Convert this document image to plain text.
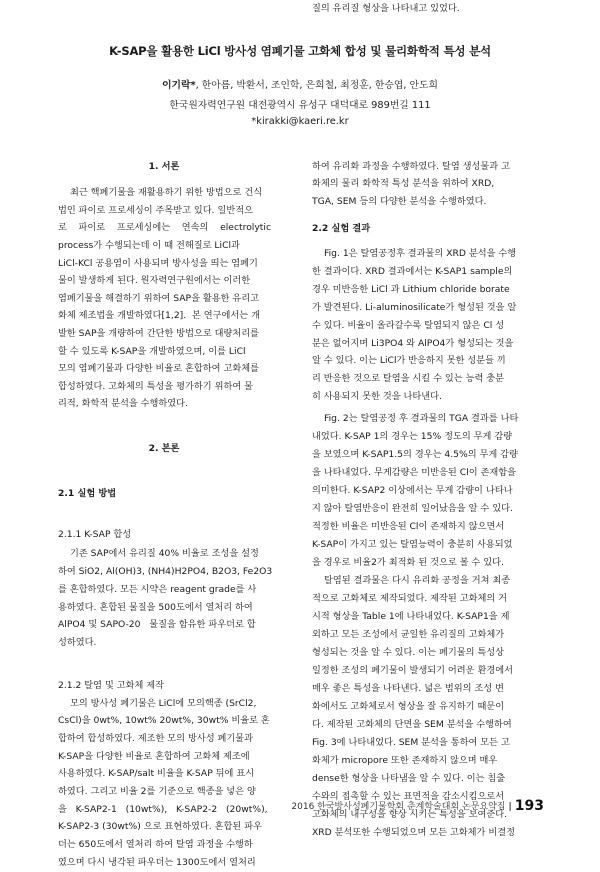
K-SAP을 활용한 LiCl 방사성 염폐기물 고화체 합성 및 물리화학적 특성 분석
이기락*, 한아름, 박환서, 조인학, 은희철, 최정훈, 한승엽, 안도희
한국원자력연구원 대전광역시 유성구 대덕대로 989번길 111
*kirakki@kaeri.re.kr
1. 서론
최근 핵폐기물을 재활용하기 위한 방법으로 건식
법인 파이로 프로세싱이 주목받고 있다. 일반적으
로    파이로    프로세싱에는    연속의    electrolytic
process가 수행되는데 이 때 전해질로 LiCl과
LiCl-KCl 공용염이 사용되며 방사성을 띄는 염폐기
물이 발생하게 된다. 원자력연구원에서는 이러한
염폐기물을 해결하기 위하여 SAP을 활용한 유리고
화체 제조법을 개발하였다[1,2].  본 연구에서는 개
발한 SAP을 개량하여 간단한 방법으로 대량처리를
할 수 있도록 K-SAP을 개발하였으며, 이를 LiCl
모의 염폐기물과 다양한 비율로 혼합하여 고화체를
합성하였다. 고화체의 특성을 평가하기 위하여 물
리적, 화학적 분석을 수행하였다.
2. 본론
2.1 실험 방법
2.1.1 K-SAP 합성
기존 SAP에서 유리질 40% 비율로 조성을 설정
하여 SiO2, Al(OH)3, (NH4)H2PO4, B2O3, Fe2O3
를 혼합하였다. 모든 시약은 reagent grade를 사
용하였다. 혼합된 물질을 500도에서 열처리 하여
AlPO4 및 SAPO-20   물질을 함유한 파우더로 합
성하였다.
2.1.2 탈염 및 고화체 제작
모의 방사성 폐기물은 LiCl에 모의핵종 (SrCl2,
CsCl)을 0wt%, 10wt% 20wt%, 30wt% 비율로 혼
합하여 합성하였다. 제조한 모의 방사성 폐기물과
K-SAP을 다양한 비율로 혼합하여 고화체 제조에
사용하였다. K-SAP/salt 비율을 K-SAP 뒤에 표시
하였다. 그리고 비율 2를 기준으로 핵종을 넣은 양
을   K-SAP2-1   (10wt%),   K-SAP2-2   (20wt%),
K-SAP2-3 (30wt%) 으로 표현하였다. 혼합된 파우
더는 650도에서 열처리 하여 탈염 과정을 수행하
였으며 다시 냉각된 파우더는 1300도에서 열처리
하여 유리화 과정을 수행하였다. 탈염 생성물과 고
화체의 물리 화학적 특성 분석을 위하여 XRD,
TGA, SEM 등의 다양한 분석을 수행하였다.
2.2 실험 결과
Fig. 1은 탈염공정후 결과물의 XRD 분석을 수행
한 결과이다. XRD 결과에서는 K-SAP1 sample의
경우 미반응한 LiCl 과 Lithium chloride borate
가 발견된다. Li-aluminosilicate가 형성된 것을 알
수 있다. 비율이 올라갈수록 탈염되지 않은 Cl 성
분은 없어지며 Li3PO4 와 AlPO4가 형성되는 것을
알 수 있다. 이는 LiCl가 반응하지 못한 성분들 끼
리 반응한 것으로 탈염을 시킬 수 있는 능력 충분
히 사용되지 못한 것을 나타낸다.
Fig. 2는 탈염공정 후 결과물의 TGA 결과를 나타
내었다. K-SAP 1의 경우는 15% 정도의 무게 감량
을 보였으며 K-SAP1.5의 경우는 4.5%의 무게 감량
을 나타내었다. 무게감량은 미반응된 Cl이 존재함을
의미한다. K-SAP2 이상에서는 무게 감량이 나타나
지 않아 탈염반응이 완전히 일어났음을 알 수 있다.
적정한 비율은 미반응된 Cl이 존재하지 않으면서
K-SAP이 가지고 있는 탈염능력이 충분히 사용되었
을 경우로 비율2가 최적화 된 것으로 볼 수 있다.
탈염된 결과물은 다시 유리화 공정을 거쳐 최종
적으로 고화체로 제작되었다. 제작된 고화체의 거
시적 형상을 Table 1에 나타내었다. K-SAP1을 제
외하고 모든 조성에서 균일한 유리질의 고화체가
형성되는 것을 알 수 있다. 이는 폐기물의 특성상
일정한 조성의 폐기물이 발생되기 어려운 환경에서
매우 좋은 특성을 나타낸다. 넓은 범위의 조성 변
화에서도 고화체로서 형상을 잘 유지하기 때문이
다. 제작된 고화체의 단면을 SEM 분석을 수행하여
Fig. 3에 나타내었다. SEM 분석을 통하여 모든 고
화체가 micropore 또한 존재하지 않으며 매우
dense한 형상을 나타냄을 알 수 있다. 이는 침출
수와의 접촉할 수 있는 표면적을 감소시킴으로서
고화체의 내구성을 향상 시키는 특성을 보여준다.
XRD 분석또한 수행되었으며 모든 고화체가 비결정
질의 유리질 형상을 나타내고 있었다.
2016 한국방사성폐기물학회 춘계학술대회 논문요약집 | 193
